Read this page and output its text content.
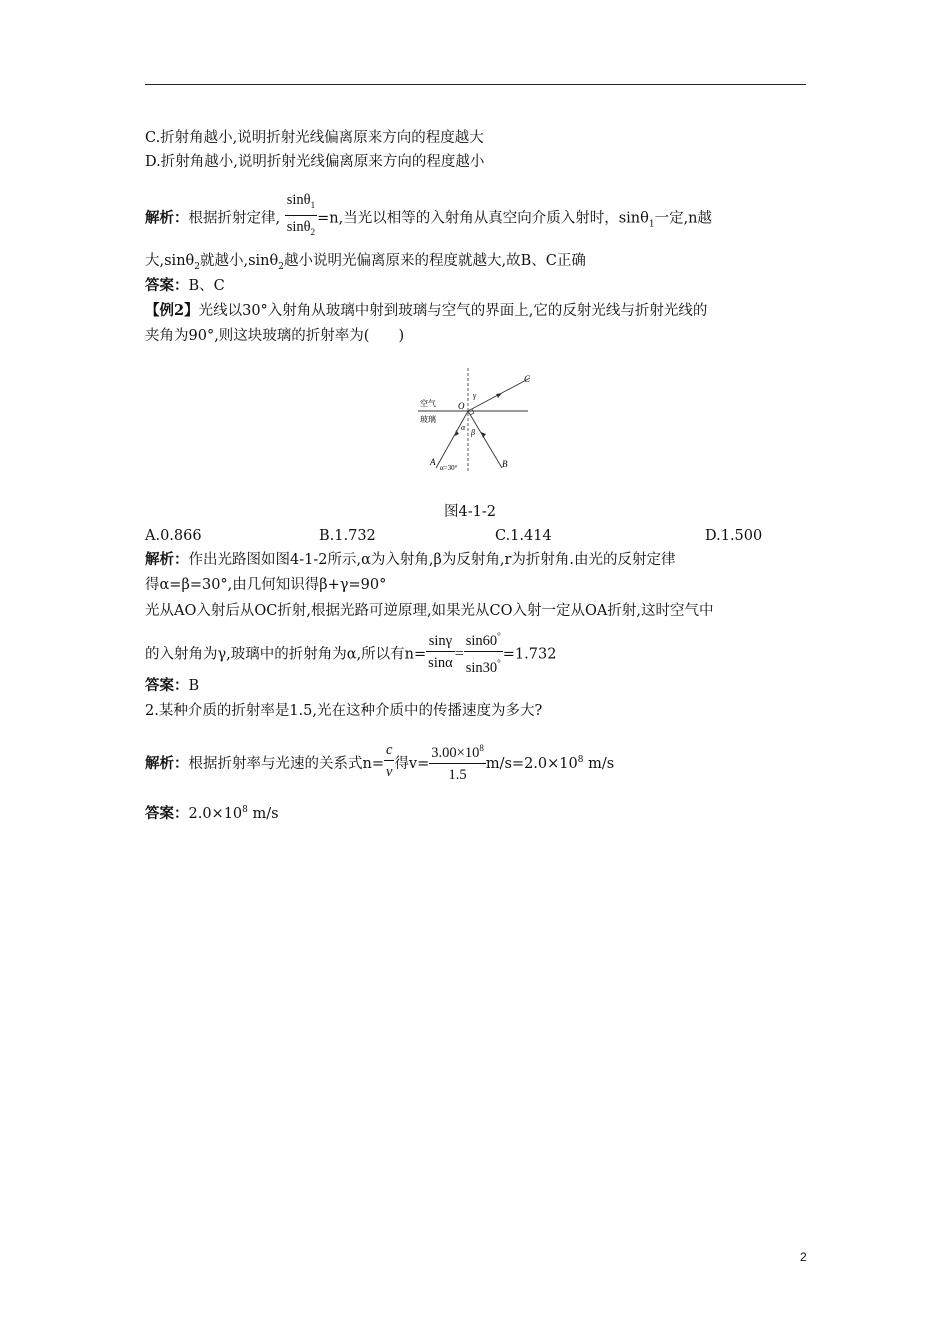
C.折射角越小,说明折射光线偏离原来方向的程度越大
D.折射角越小,说明折射光线偏离原来方向的程度越小
解析：根据折射定律, $\frac{\sin\theta_1}{\sin\theta_2} =n$,当光以相等的入射角从真空向介质入射时，sinθ$_1$一定,n越
大,sinθ$_2$就越小,sinθ$_2$越小说明光偏离原来的程度就越大,故B、C正确
答案：B、C
【例2】光线以30°入射角从玻璃中射到玻璃与空气的界面上,它的反射光线与折射光线的
夹角为90°,则这块玻璃的折射率为(　　)
空气
玻璃
O
C
A	B
γ
α
β
α=30°
图4-1-2
A.0.866	B.1.732	C.1.414	D.1.500
解析：作出光路图如图4-1-2所示,α为入射角,β为反射角,r为折射角.由光的反射定律
得α=β=30°,由几何知识得β+γ=90°
光从AO入射后从OC折射,根据光路可逆原理,如果光从CO入射一定从OA折射,这时空气中
的入射角为γ,玻璃中的折射角为α,所以有$n= \frac{\sin\gamma}{\sin\alpha} = \frac{\sin 60^\circ}{\sin 30^\circ} =1.732$
答案：B
2.某种介质的折射率是1.5,光在这种介质中的传播速度为多大?
解析：根据折射率与光速的关系式$n= \frac{c}{v}$ 得$v= \frac{3.00\times 10^8}{1.5} m/s=2.0\times 10^8$ m/s
答案：$2.0\times 10^8$ m/s
2
